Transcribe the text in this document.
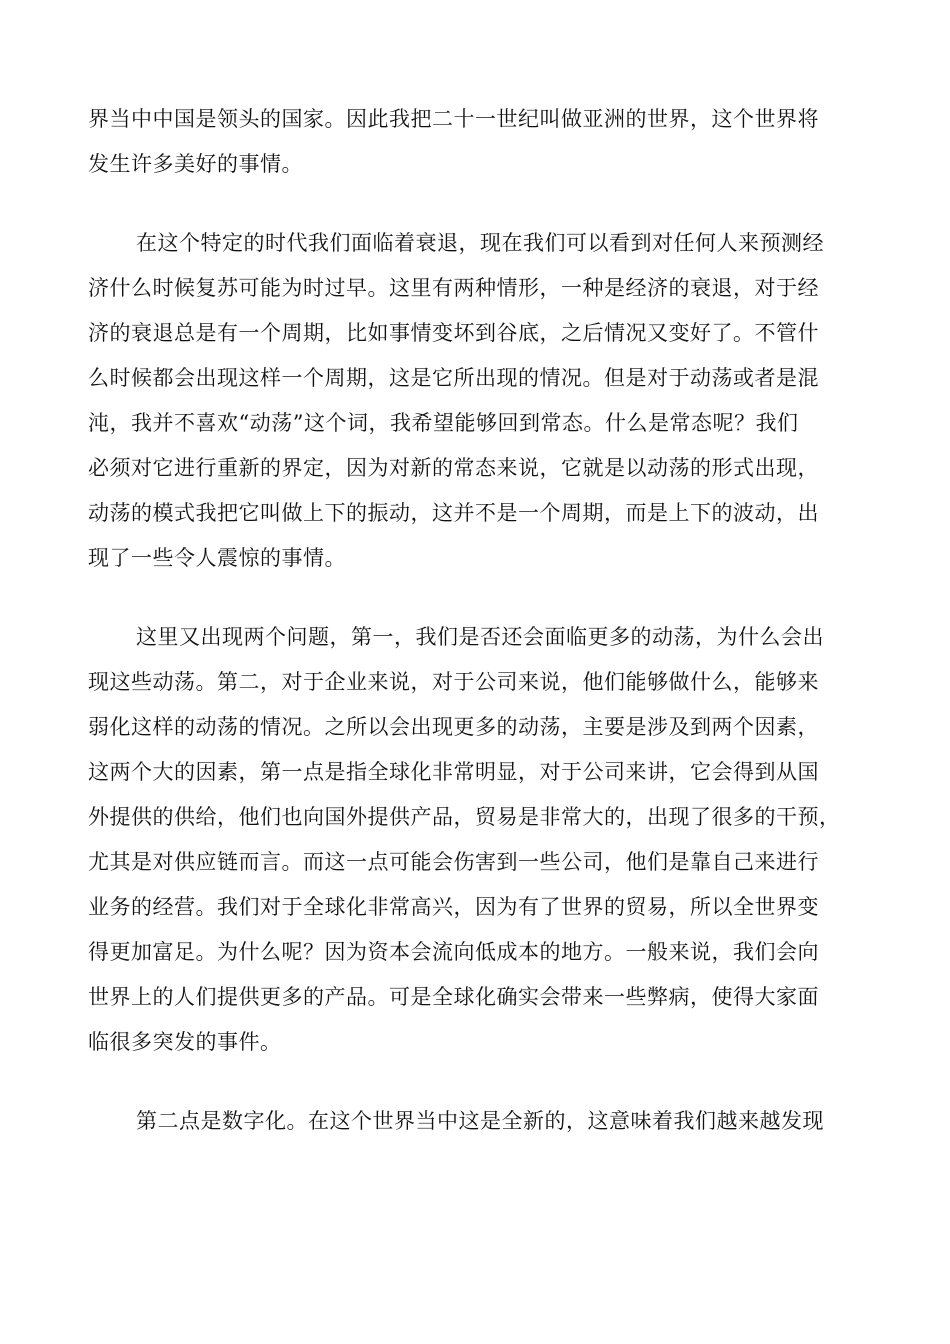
界当中中国是领头的国家。因此我把二十一世纪叫做亚洲的世界，这个世界将
发生许多美好的事情。
在这个特定的时代我们面临着衰退，现在我们可以看到对任何人来预测经
济什么时候复苏可能为时过早。这里有两种情形，一种是经济的衰退，对于经
济的衰退总是有一个周期，比如事情变坏到谷底，之后情况又变好了。不管什
么时候都会出现这样一个周期，这是它所出现的情况。但是对于动荡或者是混
沌，我并不喜欢“动荡”这个词，我希望能够回到常态。什么是常态呢？我们
必须对它进行重新的界定，因为对新的常态来说，它就是以动荡的形式出现，
动荡的模式我把它叫做上下的振动，这并不是一个周期，而是上下的波动，出
现了一些令人震惊的事情。
这里又出现两个问题，第一，我们是否还会面临更多的动荡，为什么会出
现这些动荡。第二，对于企业来说，对于公司来说，他们能够做什么，能够来
弱化这样的动荡的情况。之所以会出现更多的动荡，主要是涉及到两个因素，
这两个大的因素，第一点是指全球化非常明显，对于公司来讲，它会得到从国
外提供的供给，他们也向国外提供产品，贸易是非常大的，出现了很多的干预，
尤其是对供应链而言。而这一点可能会伤害到一些公司，他们是靠自己来进行
业务的经营。我们对于全球化非常高兴，因为有了世界的贸易，所以全世界变
得更加富足。为什么呢？因为资本会流向低成本的地方。一般来说，我们会向
世界上的人们提供更多的产品。可是全球化确实会带来一些弊病，使得大家面
临很多突发的事件。
第二点是数字化。在这个世界当中这是全新的，这意味着我们越来越发现
